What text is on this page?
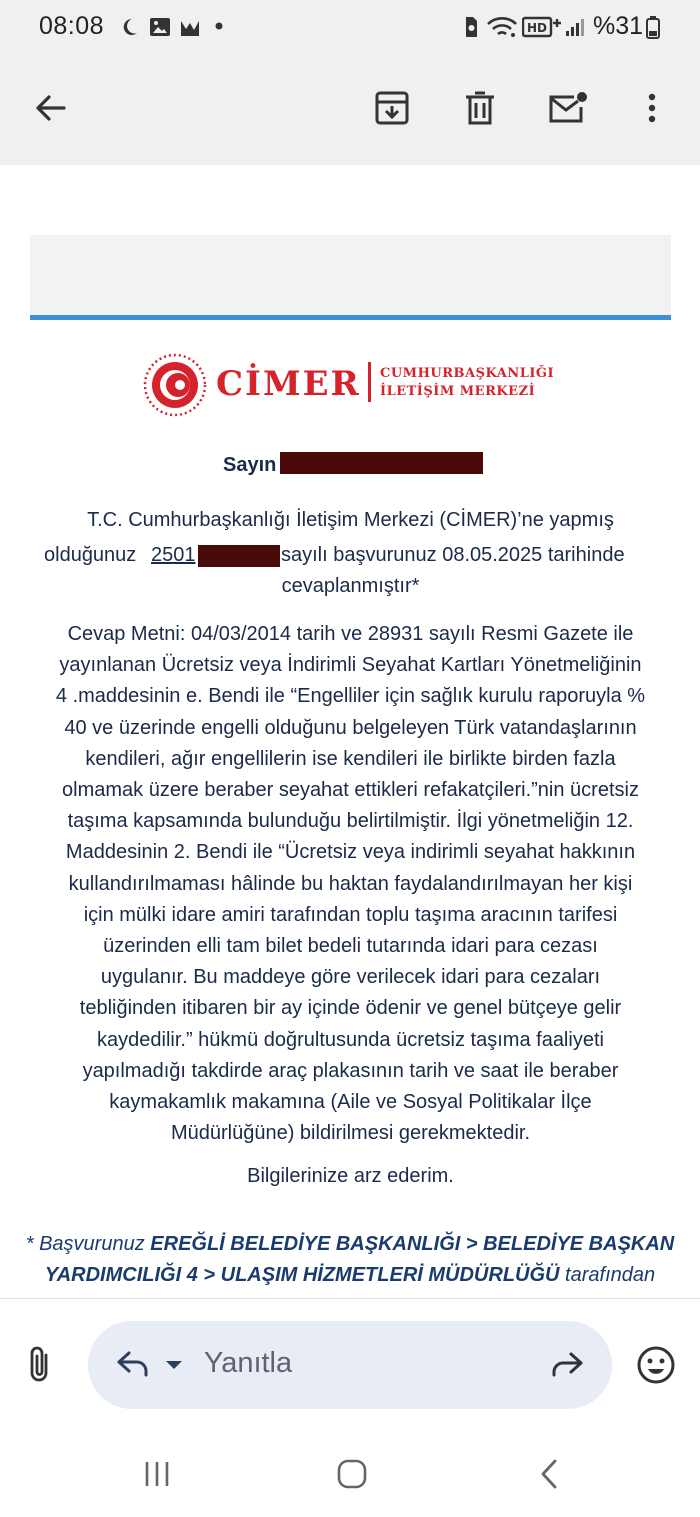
08:08	HD %31
CİMER CUMHURBAŞKANLIĞI
İLETİŞİM MERKEZİ
Sayın
T.C. Cumhurbaşkanlığı İletişim Merkezi (CİMER)’ne yapmış
olduğunuz 2501	sayılı başvurunuz 08.05.2025 tarihinde
cevaplanmıştır*
Cevap Metni: 04/03/2014 tarih ve 28931 sayılı Resmi Gazete ile
yayınlanan Ücretsiz veya İndirimli Seyahat Kartları Yönetmeliğinin
4 .maddesinin e. Bendi ile “Engelliler için sağlık kurulu raporuyla %
40 ve üzerinde engelli olduğunu belgeleyen Türk vatandaşlarının
kendileri, ağır engellilerin ise kendileri ile birlikte birden fazla
olmamak üzere beraber seyahat ettikleri refakatçileri.”nin ücretsiz
taşıma kapsamında bulunduğu belirtilmiştir. İlgi yönetmeliğin 12.
Maddesinin 2. Bendi ile “Ücretsiz veya indirimli seyahat hakkının
kullandırılmaması hâlinde bu haktan faydalandırılmayan her kişi
için mülki idare amiri tarafından toplu taşıma aracının tarifesi
üzerinden elli tam bilet bedeli tutarında idari para cezası
uygulanır. Bu maddeye göre verilecek idari para cezaları
tebliğinden itibaren bir ay içinde ödenir ve genel bütçeye gelir
kaydedilir.” hükmü doğrultusunda ücretsiz taşıma faaliyeti
yapılmadığı takdirde araç plakasının tarih ve saat ile beraber
kaymakamlık makamına (Aile ve Sosyal Politikalar İlçe
Müdürlüğüne) bildirilmesi gerekmektedir.
Bilgilerinize arz ederim.
* Başvurunuz EREĞLİ BELEDİYE BAŞKANLIĞI > BELEDİYE BAŞKAN
YARDIMCILIĞI 4 > ULAŞIM HİZMETLERİ MÜDÜRLÜĞÜ tarafından
Yanıtla
